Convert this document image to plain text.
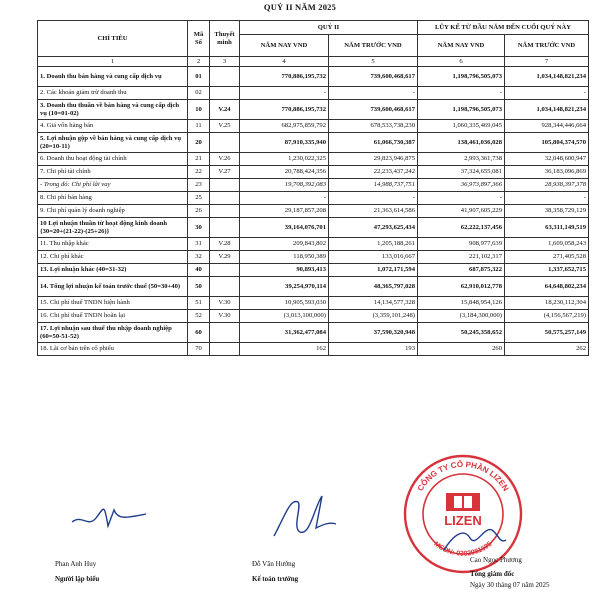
QUÝ II NĂM 2025
CHỈ TIÊU	Mã Số	Thuyết minh	QUÝ II		LŨY KẾ TỪ ĐẦU NĂM ĐẾN CUỐI QUÝ NÀY	
			NĂM NAY VND	NĂM TRƯỚC VND	NĂM NAY VND	NĂM TRƯỚC VND
1	2	3	4	5	6	7
1. Doanh thu bán hàng và cung cấp dịch vụ	01		770,886,195,732	739,600,468,617	1,198,796,505,073	1,034,148,821,234
2. Các khoản giảm trừ doanh thu	02		-	-	-	-
3. Doanh thu thuần về bán hàng và cung cấp dịch vụ (10=01-02)	10	V.24	770,886,195,732	739,600,468,617	1,198,796,505,073	1,034,148,821,234
4. Giá vốn hàng bán	11	V.25	682,975,859,792	678,533,738,230	1,060,335,469,045	928,344,446,664
5. Lợi nhuận gộp về bán hàng và cung cấp dịch vụ (20=10-11)	20		87,910,335,940	61,066,730,387	138,461,036,028	105,804,374,570
6. Doanh thu hoạt động tài chính	21	V.26	1,230,022,325	29,823,946,875	2,993,361,738	32,048,600,947
7. Chi phí tài chính	22	V.27	20,788,424,356	22,233,437,242	37,324,655,081	36,183,096,869
- Trong đó: Chi phí lãi vay	23		19,708,392,083	14,988,737,751	36,973,897,366	28,938,397,378
8. Chi phí bán hàng	25		-	-	-	-
9. Chi phí quản lý doanh nghiệp	26		29,187,857,208	21,363,614,586	41,907,605,229	38,358,729,129
10 Lợi nhuận thuần từ hoạt động kinh doanh {30=20+(21-22)-(25+26)}	30		39,164,076,701	47,293,625,434	62,222,137,456	63,311,149,519
11. Thu nhập khác	31	V.28	209,843,802	1,205,188,261	908,977,639	1,609,058,243
12. Chi phí khác	32	V.29	118,950,389	133,016,667	221,102,317	271,405,528
13. Lợi nhuận khác (40=31-32)	40		90,893,413	1,072,171,594	687,875,322	1,337,652,715
14. Tổng lợi nhuận kế toán trước thuế (50=30+40)	50		39,254,970,114	48,365,797,028	62,910,012,778	64,648,802,234
15. Chi phí thuế TNDN hiện hành	51	V.30	10,905,593,030	14,134,577,328	15,848,954,126	18,230,112,304
16. Chi phí thuế TNDN hoãn lại	52	V.30	(3,013,100,000)	(3,359,101,248)	(3,184,300,000)	(4,156,567,219)
17. Lợi nhuận sau thuế thu nhập doanh nghiệp (60=50-51-52)	60		31,362,477,084	37,590,320,948	50,245,358,652	50,575,257,149
18. Lãi cơ bản trên cổ phiếu	70		162	193	260	262
Phan Anh Huy
Người lập biểu
Đỗ Văn Hướng
Kế toán trưởng
LIZEN
CÔNG TY CỔ PHẦN LIZEN
MSDN: 0302081605
Cao Ngọc Phương
Tổng giám đốc
Ngày 30 tháng 07 năm 2025
